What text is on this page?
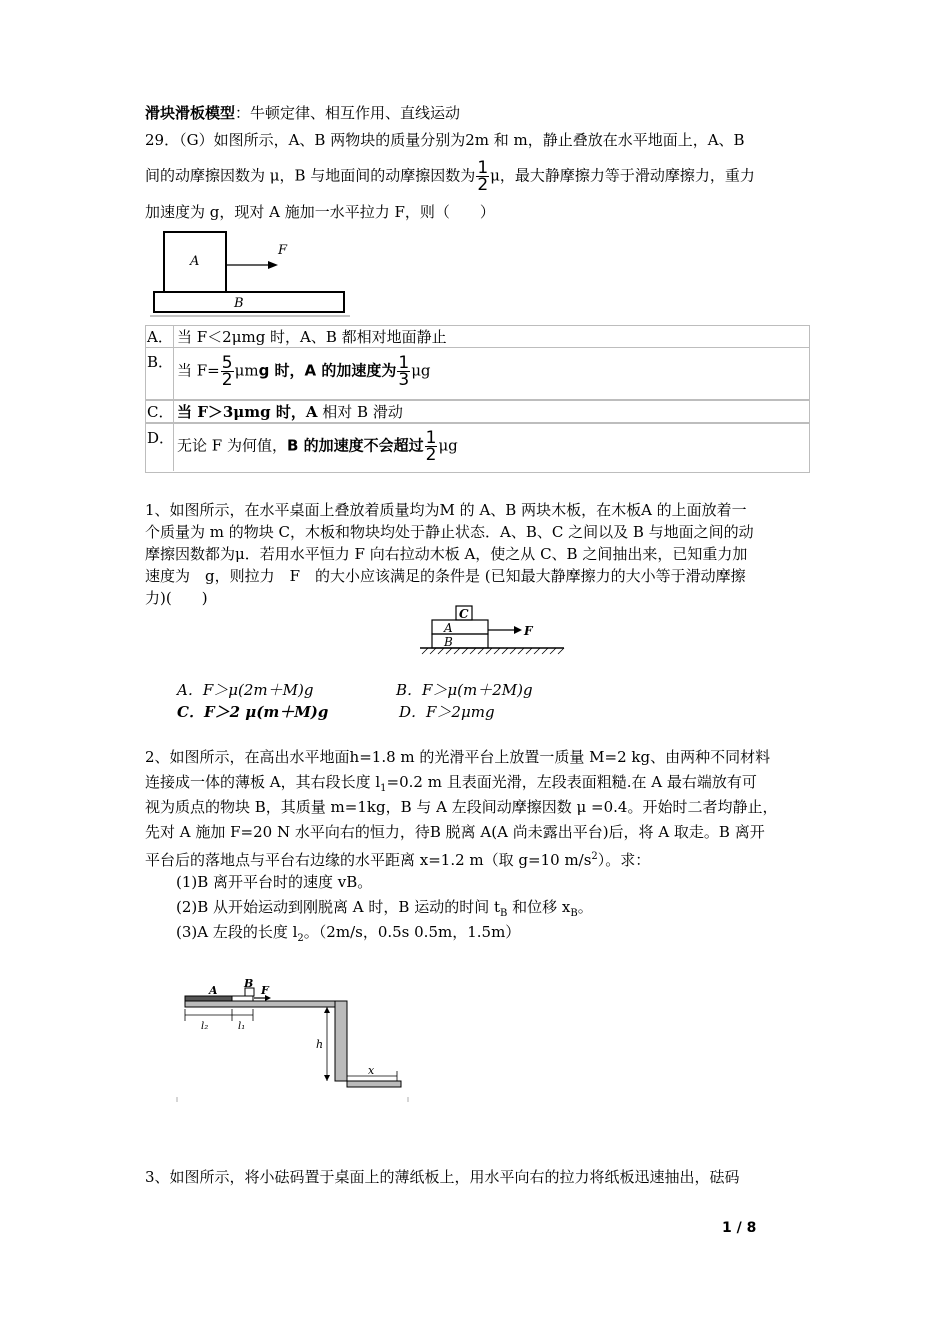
滑块滑板模型：牛顿定律、相互作用、直线运动
29．（G）如图所示，A、B 两物块的质量分别为2m 和 m，静止叠放在水平地面上，A、B
间的动摩擦因数为 μ，B 与地面间的动摩擦因数为 $\frac{1}{2}$ μ，最大静摩擦力等于滑动摩擦力，重力
加速度为 g，现对 A 施加一水平拉力 F，则（　　）
A
B
F
A． 当 F＜2μmg 时，A、B 都相对地面静止
B． 当 $F= \frac{5}{2}$ μmg 时，A 的加速度为 $\frac{1}{3}$ μg
C． 当 F＞3μmg 时，A 相对 B 滑动
D． 无论 F 为何值，B 的加速度不会超过 $\frac{1}{2}$ μg
1、如图所示，在水平桌面上叠放着质量均为M 的 A、B 两块木板，在木板A 的上面放着一
个质量为 m 的物块 C，木板和物块均处于静止状态．A、B、C 之间以及 B 与地面之间的动
摩擦因数都为μ．若用水平恒力 F 向右拉动木板 A，使之从 C、B 之间抽出来，已知重力加
速度为　g，则拉力　F　的大小应该满足的条件是 (已知最大静摩擦力的大小等于滑动摩擦
力)(　　)
C
A
B
F
A．F＞μ(2m＋M)g	B．F＞μ(m＋2M)g
C．F＞2 μ(m＋M)g	D．F＞2μmg
2、如图所示，在高出水平地面h=1.8 m 的光滑平台上放置一质量 M=2 kg、由两种不同材料
连接成一体的薄板 A，其右段长度 $l_1=0.2$ m 且表面光滑，左段表面粗糙.在 A 最右端放有可
视为质点的物块 B，其质量 m=1kg，B 与 A 左段间动摩擦因数 μ =0.4。开始时二者均静止，
先对 A 施加 F=20 N 水平向右的恒力，待B 脱离 A(A 尚未露出平台)后，将 A 取走。B 离开
平台后的落地点与平台右边缘的水平距离 x=1.2 m（取 g=10 $m/s^2$）。求：
(1)B 离开平台时的速度 vB。
(2)B 从开始运动到刚脱离 A 时，B 运动的时间 $t_B$ 和位移 $x_B$。
(3)A 左段的长度 $l_2$。（2m/s，0.5s 0.5m，1.5m）
A
B
F
l₂	l₁
h
x
3、如图所示，将小砝码置于桌面上的薄纸板上，用水平向右的拉力将纸板迅速抽出，砝码
1 / 8
